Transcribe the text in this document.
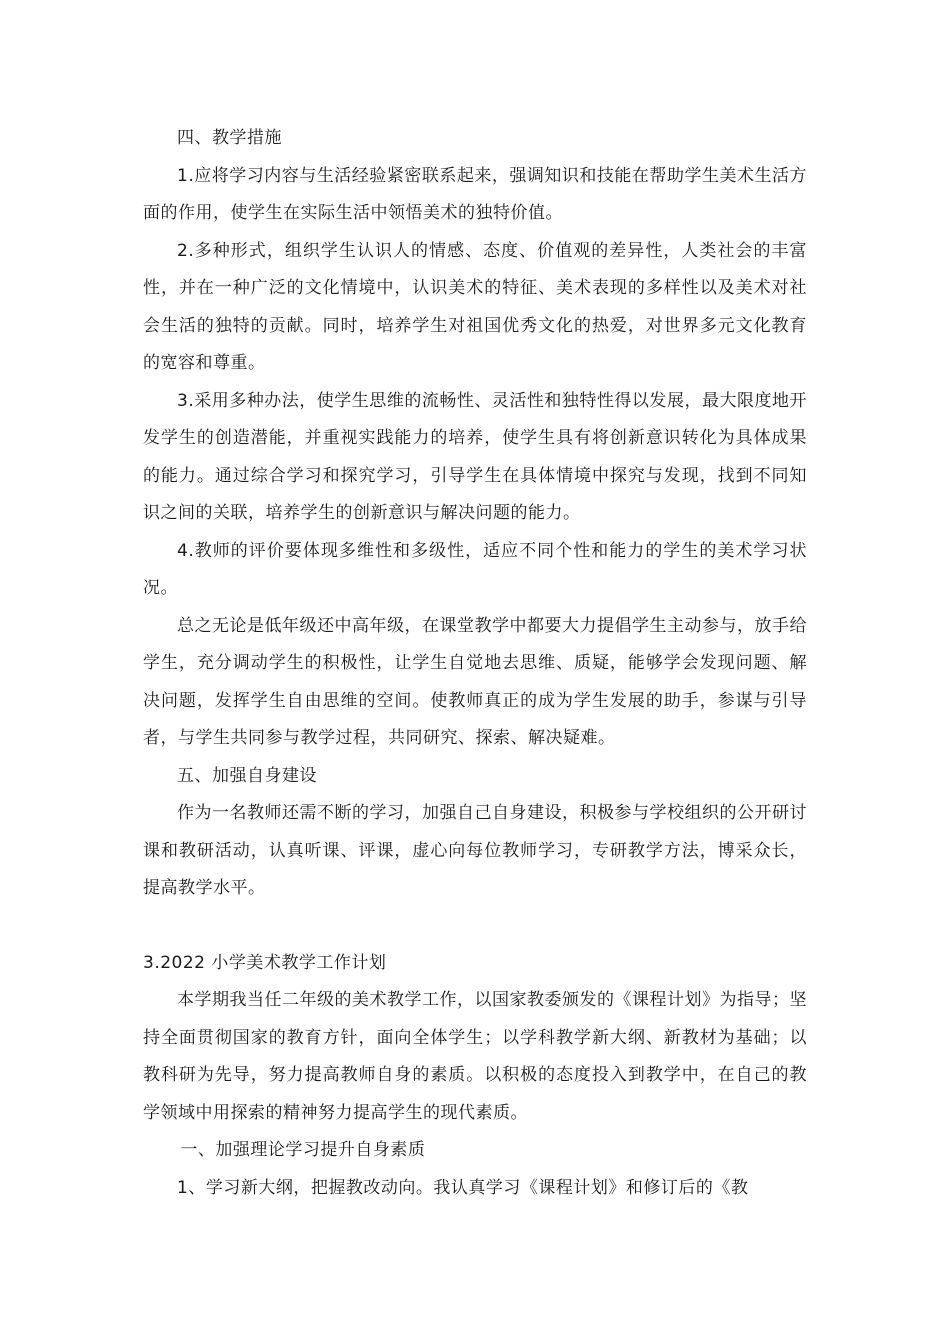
四、教学措施

1.应将学习内容与生活经验紧密联系起来，强调知识和技能在帮助学生美术生活方面的作用，使学生在实际生活中领悟美术的独特价值。

2.多种形式，组织学生认识人的情感、态度、价值观的差异性，人类社会的丰富性，并在一种广泛的文化情境中，认识美术的特征、美术表现的多样性以及美术对社会生活的独特的贡献。同时，培养学生对祖国优秀文化的热爱，对世界多元文化教育的宽容和尊重。

3.采用多种办法，使学生思维的流畅性、灵活性和独特性得以发展，最大限度地开发学生的创造潜能，并重视实践能力的培养，使学生具有将创新意识转化为具体成果的能力。通过综合学习和探究学习，引导学生在具体情境中探究与发现，找到不同知识之间的关联，培养学生的创新意识与解决问题的能力。

4.教师的评价要体现多维性和多级性，适应不同个性和能力的学生的美术学习状况。

总之无论是低年级还中高年级，在课堂教学中都要大力提倡学生主动参与，放手给学生，充分调动学生的积极性，让学生自觉地去思维、质疑，能够学会发现问题、解决问题，发挥学生自由思维的空间。使教师真正的成为学生发展的助手，参谋与引导者，与学生共同参与教学过程，共同研究、探索、解决疑难。

五、加强自身建设

作为一名教师还需不断的学习，加强自己自身建设，积极参与学校组织的公开研讨课和教研活动，认真听课、评课，虚心向每位教师学习，专研教学方法，博采众长，提高教学水平。

3.2022 小学美术教学工作计划

本学期我当任二年级的美术教学工作，以国家教委颁发的《课程计划》为指导；坚持全面贯彻国家的教育方针，面向全体学生；以学科教学新大纲、新教材为基础；以教科研为先导，努力提高教师自身的素质。以积极的态度投入到教学中，在自己的教学领域中用探索的精神努力提高学生的现代素质。

一、加强理论学习提升自身素质

1、学习新大纲，把握教改动向。我认真学习《课程计划》和修订后的《教
